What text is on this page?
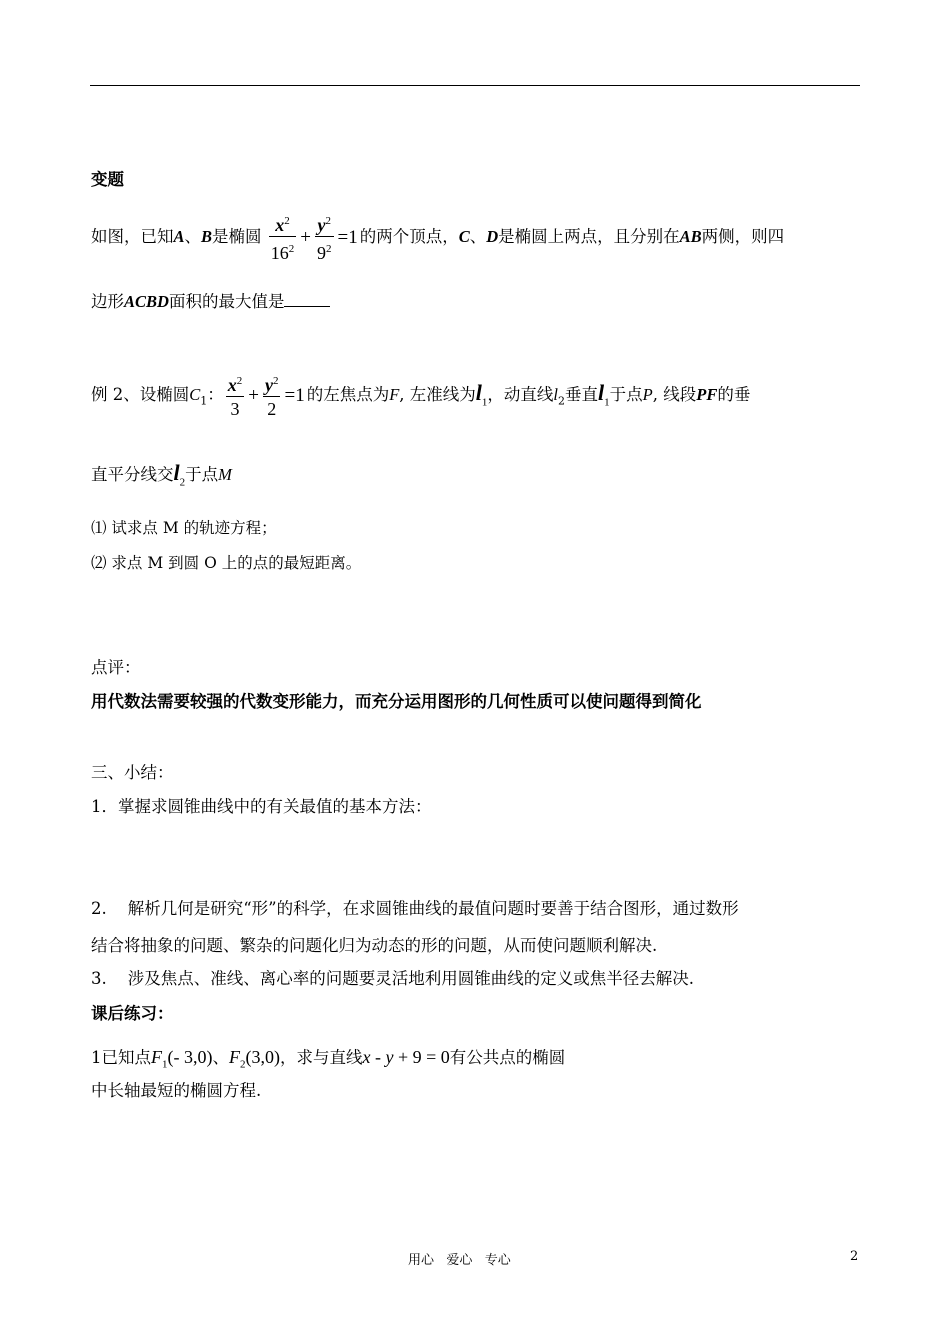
变题
如图，已知A、B是椭圆 $\frac{x^2}{16^2} + \frac{y^2}{9^2} =1$ 的两个顶点，C、D是椭圆上两点，且分别在AB两侧，则四
边形ACBD面积的最大值是
例 2、设椭圆$C_1$： $\frac{x^2}{3} + \frac{y^2}{2} =1$ 的左焦点为F, 左准线为$l_1$，动直线$l_2$垂直$l_1$于点P, 线段PF的垂
直平分线交$l_2$于点M
⑴ 试求点 M 的轨迹方程；
⑵ 求点 M 到圆 O 上的点的最短距离。
点评：
用代数法需要较强的代数变形能力，而充分运用图形的几何性质可以使问题得到简化
三、小结：
1．掌握求圆锥曲线中的有关最值的基本方法：
2.    解析几何是研究“形”的科学，在求圆锥曲线的最值问题时要善于结合图形，通过数形
结合将抽象的问题、繁杂的问题化归为动态的形的问题，从而使问题顺利解决.
3.    涉及焦点、准线、离心率的问题要灵活地利用圆锥曲线的定义或焦半径去解决.
课后练习：
1已知点$F_1(-$ 3,0)、$F_2(3,0)$，求与直线x - y + 9 = 0有公共点的椭圆
中长轴最短的椭圆方程.
用心   爱心   专心	2
